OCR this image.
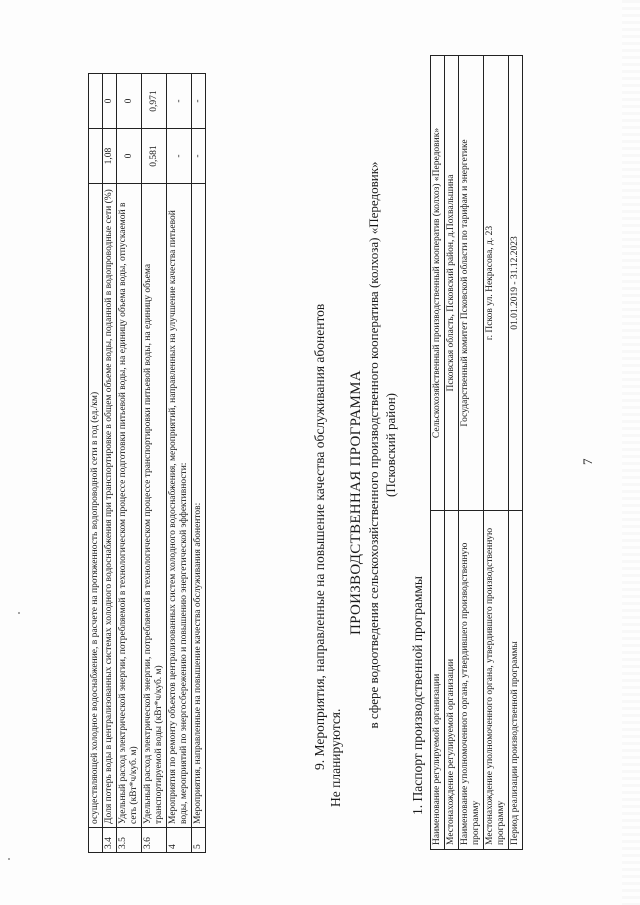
7
	осуществляющей холодное водоснабжение, в расчете на протяженность водопроводной сети в год (ед./км)		
3.4	Доля потерь воды в централизованных системах холодного водоснабжения при транспортировке в общем объеме воды, поданной в водопроводные сети (%)	1,08	0
3.5	Удельный расход электрической энергии, потребляемой в технологическом процессе подготовки питьевой воды, на единицу объема воды, отпускаемой в сеть (кВт*ч/куб. м)	0	0
3.6	Удельный расход электрической энергии, потребляемой в технологическом процессе транспортировки питьевой воды, на единицу объема транспортируемой воды (кВт*ч/куб. м)	0,581	0,971
4	Мероприятия по ремонту объектов централизованных систем холодного водоснабжения, мероприятий, направленных на улучшение качества питьевой воды, мероприятий по энергосбережению и повышению энергетической эффективности:	-	-
5	Мероприятия, направленные на повышение качества обслуживания абонентов:	-	-
9. Мероприятия, направленные на повышение качества обслуживания абонентов Не планируются.
ПРОИЗВОДСТВЕННАЯ ПРОГРАММА в сфере водоотведения сельскохозяйственного производственного кооператива (колхоза) «Передовик» (Псковский район)
1. Паспорт производственной программы Наименование регулируемой организации	Сельскохозяйственный производственный кооператив (колхоз) «Передовик»
Местонахождение регулируемой организации	Псковская область, Псковский район, д.Похвальшина
Наименование уполномоченного органа, утвердившего производственную программу	Государственный комитет Псковской области по тарифам и энергетике
Местонахождение уполномоченного органа, утвердившего производственную программу	г. Псков ул. Некрасова, д. 23
Период реализации производственной программы	01.01.2019 - 31.12.2023
